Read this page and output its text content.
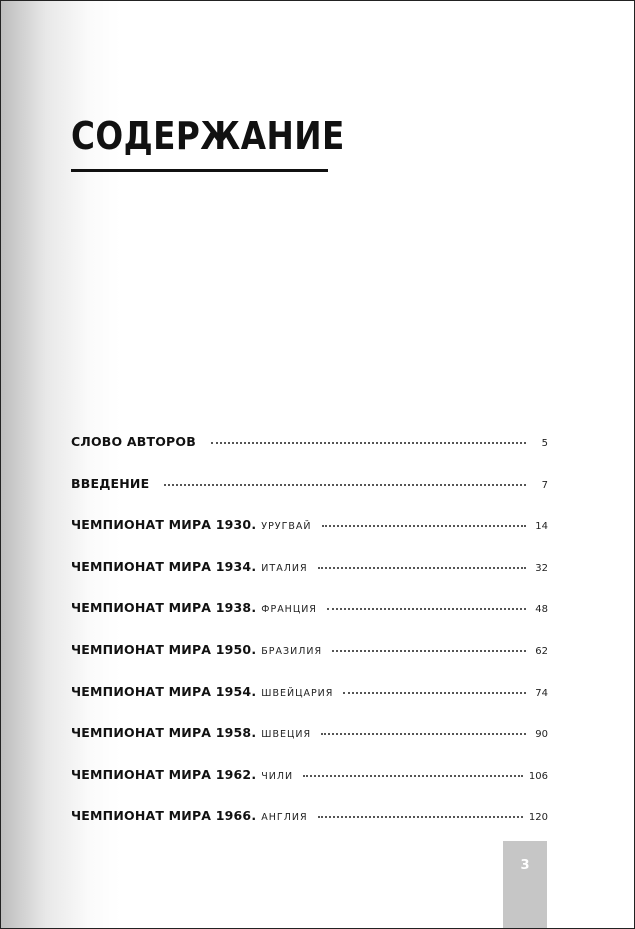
СОДЕРЖАНИЕ
СЛОВО АВТОРОВ	5
ВВЕДЕНИЕ	7
ЧЕМПИОНАТ МИРА 1930. УРУГВАЙ	14
ЧЕМПИОНАТ МИРА 1934. ИТАЛИЯ	32
ЧЕМПИОНАТ МИРА 1938. ФРАНЦИЯ	48
ЧЕМПИОНАТ МИРА 1950. БРАЗИЛИЯ	62
ЧЕМПИОНАТ МИРА 1954. ШВЕЙЦАРИЯ	74
ЧЕМПИОНАТ МИРА 1958. ШВЕЦИЯ	90
ЧЕМПИОНАТ МИРА 1962. ЧИЛИ	106
ЧЕМПИОНАТ МИРА 1966. АНГЛИЯ	120
3
